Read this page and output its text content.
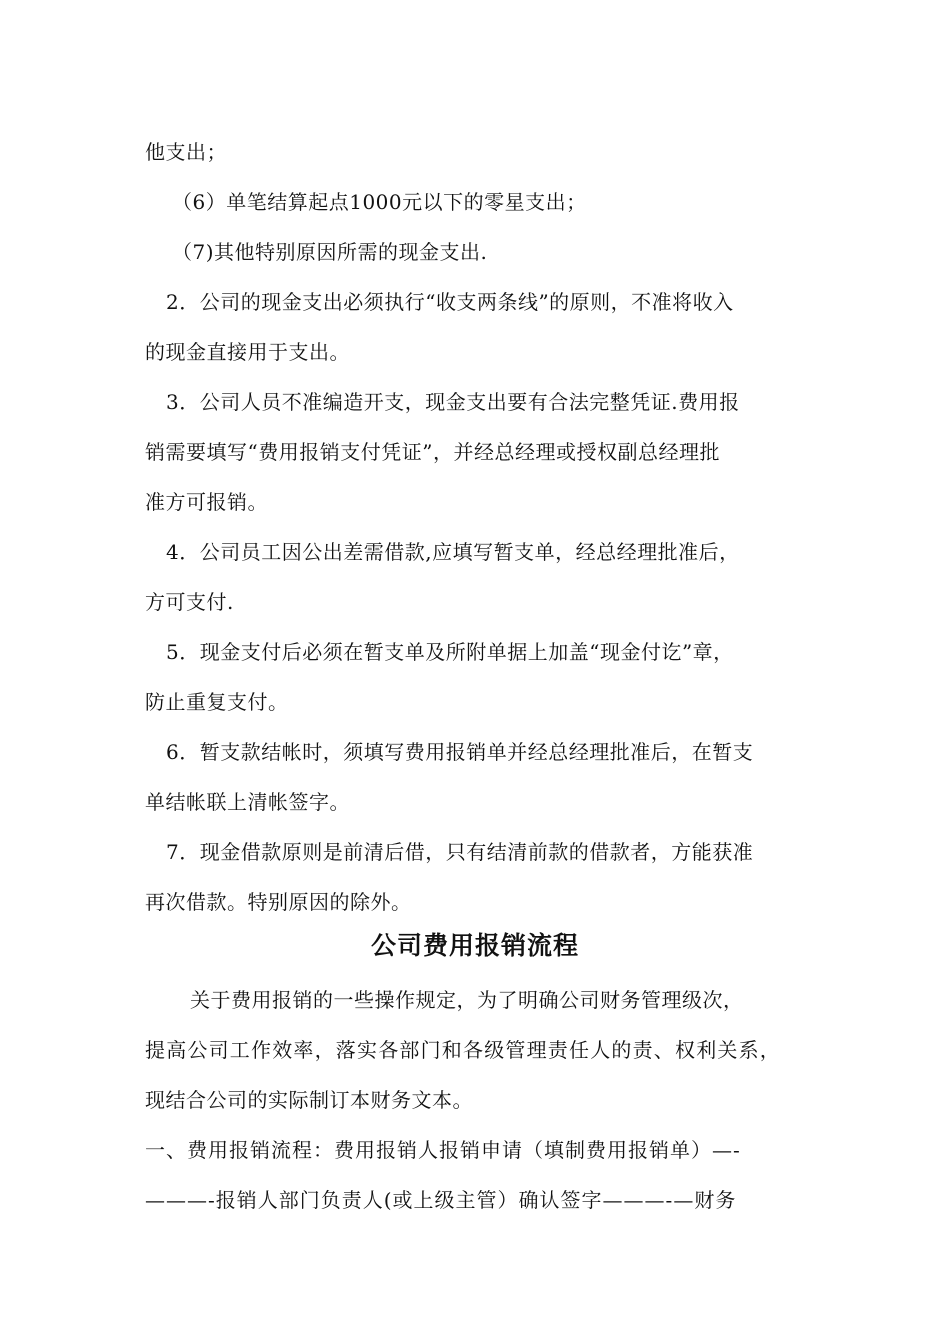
他支出；
（6）单笔结算起点1000元以下的零星支出；
（7)其他特别原因所需的现金支出.
2．公司的现金支出必须执行“收支两条线”的原则，不准将收入
的现金直接用于支出。
3．公司人员不准编造开支，现金支出要有合法完整凭证.费用报
销需要填写“费用报销支付凭证”，并经总经理或授权副总经理批
准方可报销。
4．公司员工因公出差需借款,应填写暂支单，经总经理批准后，
方可支付.
5．现金支付后必须在暂支单及所附单据上加盖“现金付讫”章，
防止重复支付。
6．暂支款结帐时，须填写费用报销单并经总经理批准后，在暂支
单结帐联上清帐签字。
7．现金借款原则是前清后借，只有结清前款的借款者，方能获准
再次借款。特别原因的除外。
公司费用报销流程
关于费用报销的一些操作规定，为了明确公司财务管理级次，
提高公司工作效率，落实各部门和各级管理责任人的责、权利关系，
现结合公司的实际制订本财务文本。
一、费用报销流程：费用报销人报销申请（填制费用报销单）—-
———-报销人部门负责人(或上级主管）确认签字———-—财务
